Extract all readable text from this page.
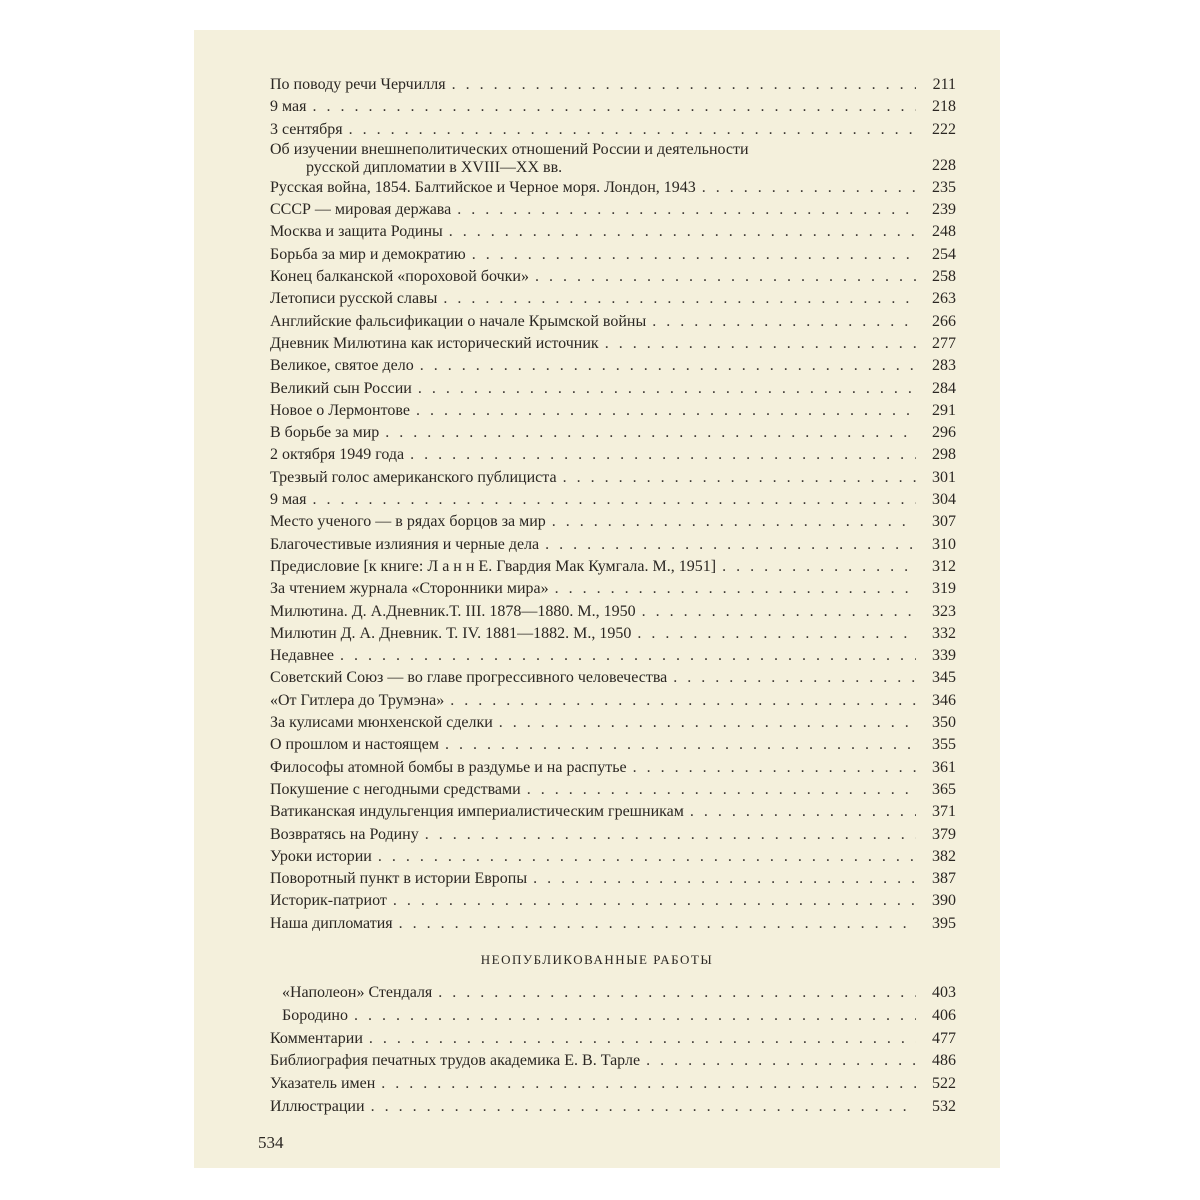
По поводу речи Черчилля . . .	211
9 мая . . .	218
3 сентября . . .	222
Об изучении внешнеполитических отношений России и деятельности
русской дипломатии в XVIII—XX вв.	228
Русская война, 1854. Балтийское и Черное моря. Лондон, 1943 . . .	235
СССР — мировая держава . . .	239
Москва и защита Родины . . .	248
Борьба за мир и демократию . . .	254
Конец балканской «пороховой бочки» . . .	258
Летописи русской славы . . .	263
Английские фальсификации о начале Крымской войны . . .	266
Дневник Милютина как исторический источник . . .	277
Великое, святое дело . . .	283
Великий сын России . . .	284
Новое о Лермонтове . . .	291
В борьбе за мир . . .	296
2 октября 1949 года . . .	298
Трезвый голос американского публициста . . .	301
9 мая . . .	304
Место ученого — в рядах борцов за мир . . .	307
Благочестивые излияния и черные дела . . .	310
Предисловие [к книге: Л а н н Е. Гвардия Мак Кумгала. М., 1951] . . .	312
За чтением журнала «Сторонники мира» . . .	319
Милютина. Д. А.Дневник.Т. III. 1878—1880. М., 1950 . . .	323
Милютин Д. А. Дневник. Т. IV. 1881—1882. М., 1950 . . .	332
Недавнее . . .	339
Советский Союз — во главе прогрессивного человечества . . .	345
«От Гитлера до Трумэна» . . .	346
За кулисами мюнхенской сделки . . .	350
О прошлом и настоящем . . .	355
Философы атомной бомбы в раздумье и на распутье . . .	361
Покушение с негодными средствами . . .	365
Ватиканская индульгенция империалистическим грешникам . . .	371
Возвратясь на Родину . . .	379
Уроки истории . . .	382
Поворотный пункт в истории Европы . . .	387
Историк-патриот . . .	390
Наша дипломатия . . .	395
НЕОПУБЛИКОВАННЫЕ РАБОТЫ
«Наполеон» Стендаля . . .	403
Бородино . . .	406
Комментарии . . .	477
Библиография печатных трудов академика Е. В. Тарле . . .	486
Указатель имен . . .	522
Иллюстрации . . .	532
534
